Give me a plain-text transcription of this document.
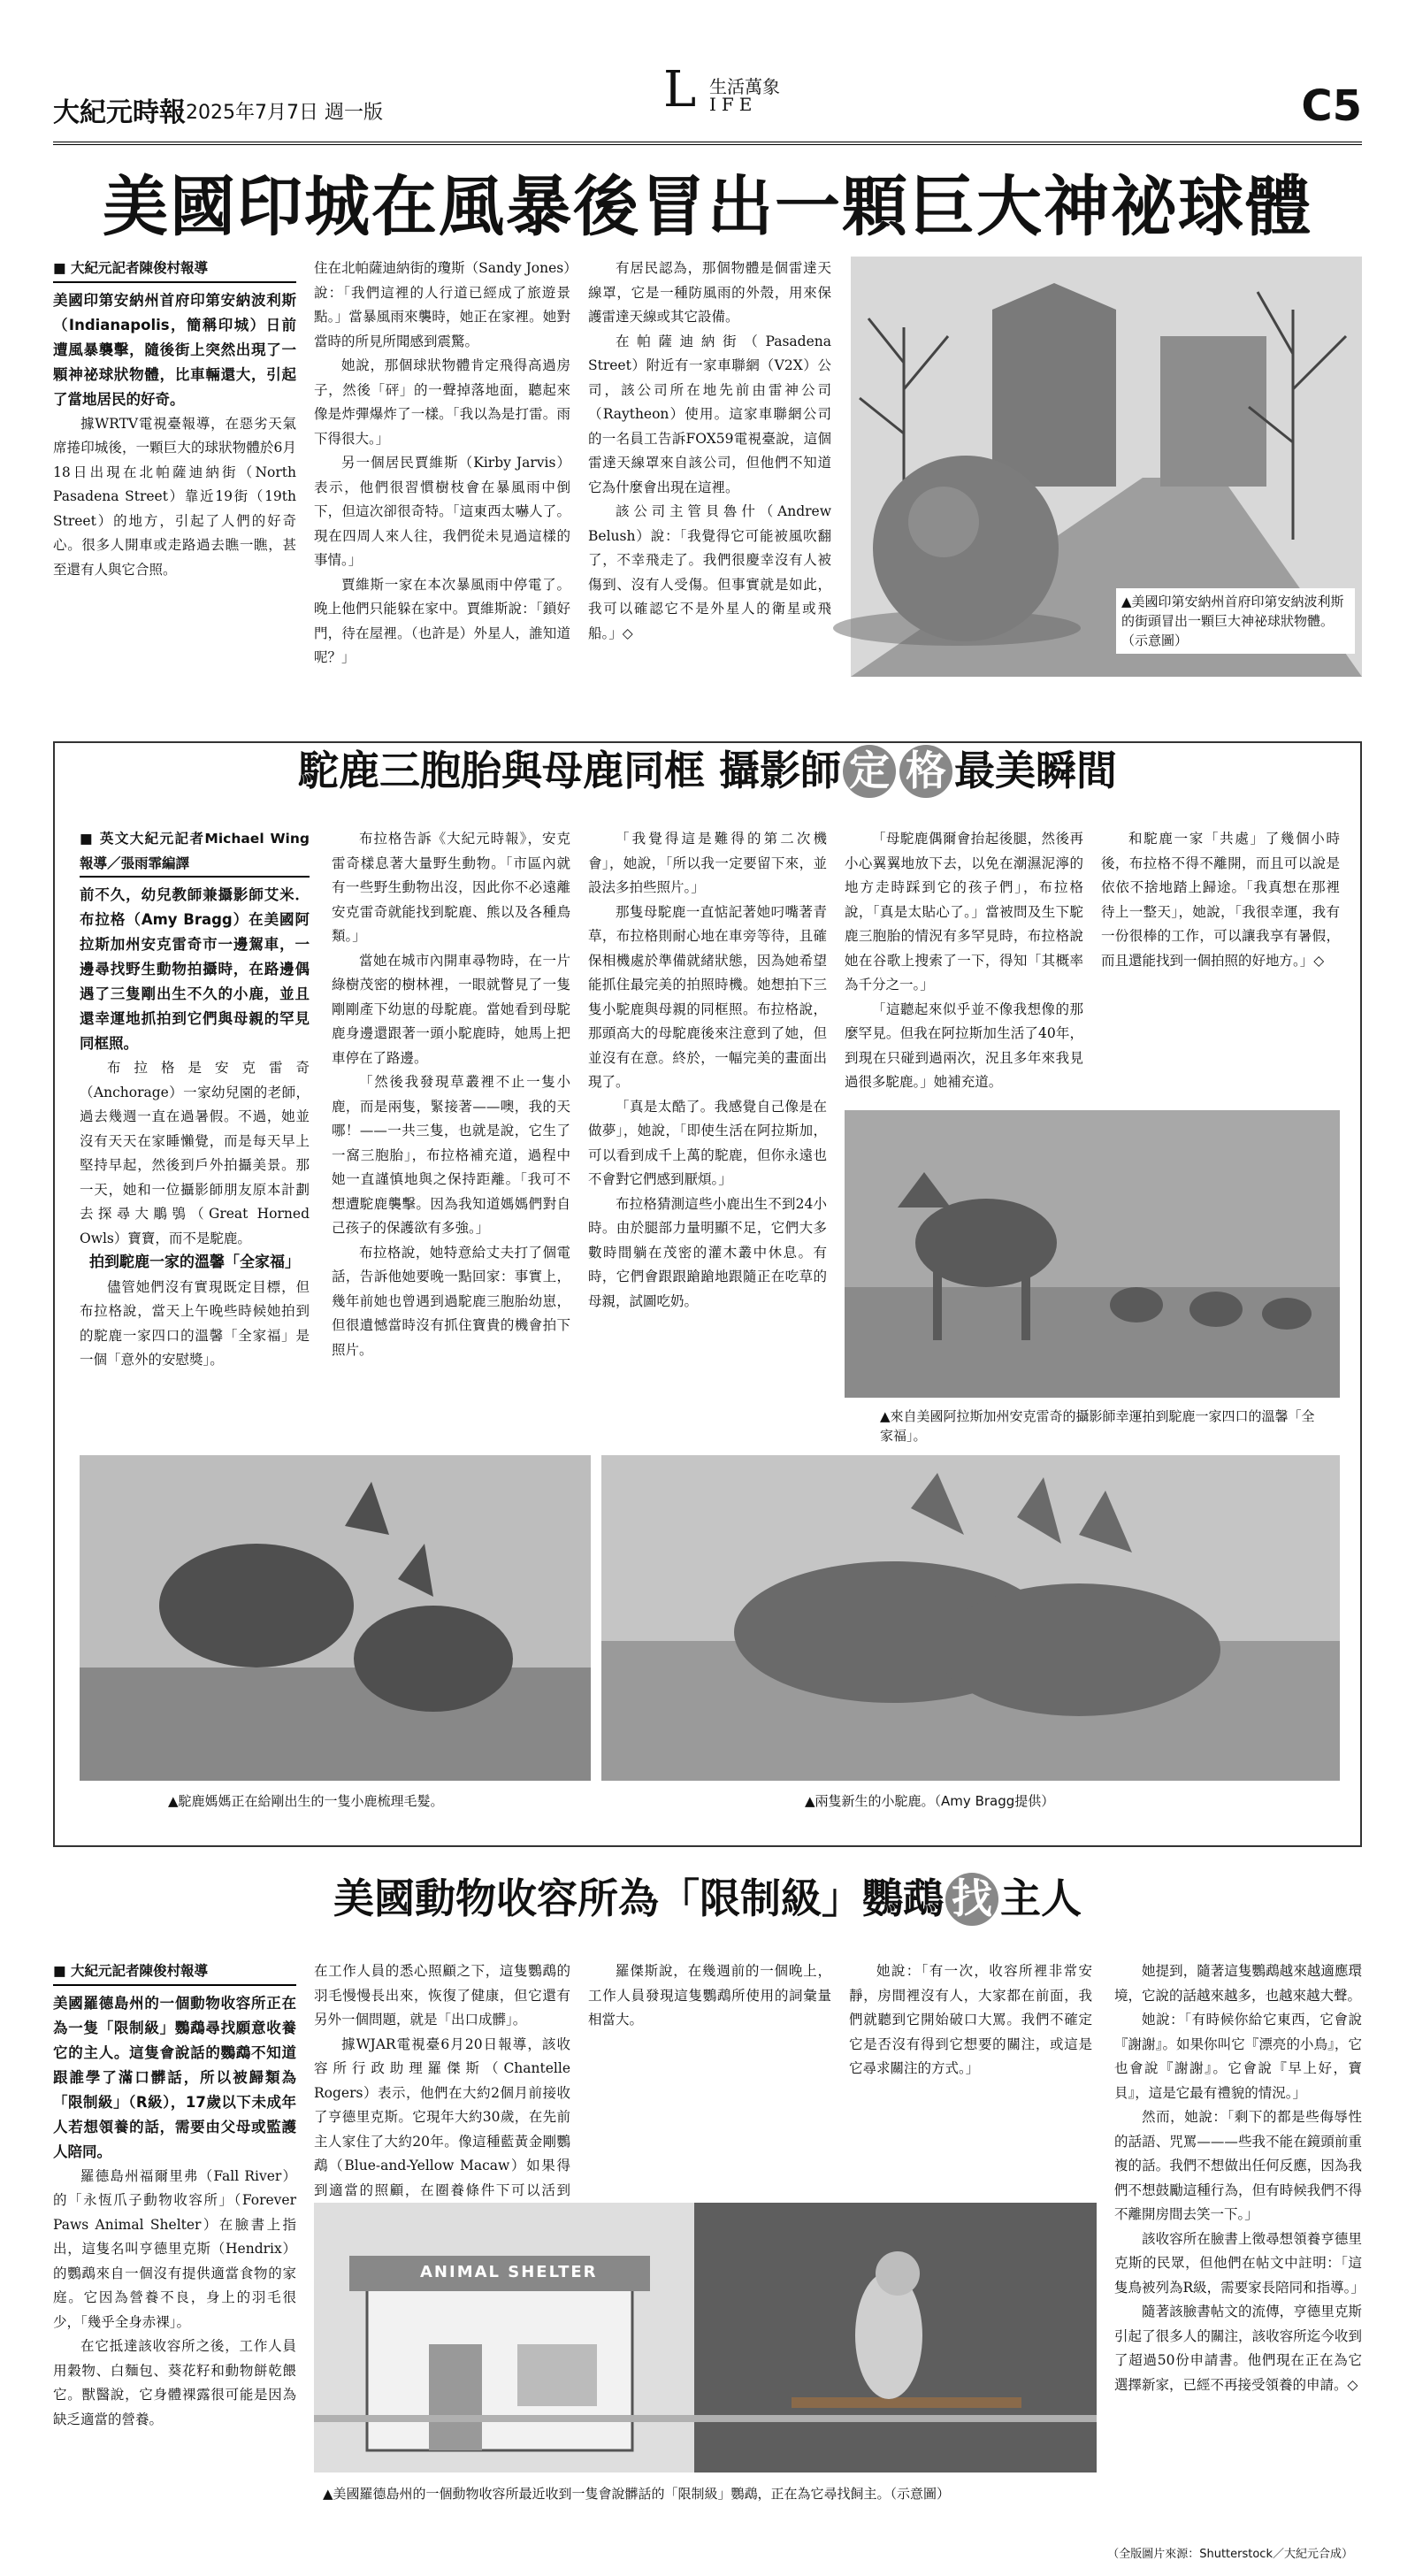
大紀元時報 2025年7月7日 週一版	L 生活萬象
IFE	C5
美國印城在風暴後冒出一顆巨大神祕球體
■ 大紀元記者陳俊村報導

美國印第安納州首府印第安納波利斯（Indianapolis，簡稱印城）日前遭風暴襲擊，隨後街上突然出現了一顆神祕球狀物體，比車輛還大，引起了當地居民的好奇。

據WRTV電視臺報導，在惡劣天氣席捲印城後，一顆巨大的球狀物體於6月18日出現在北帕薩迪納街（North Pasadena Street）靠近19街（19th Street）的地方，引起了人們的好奇心。很多人開車或走路過去瞧一瞧，甚至還有人與它合照。

住在北帕薩迪納街的瓊斯（Sandy Jones）說：「我們這裡的人行道已經成了旅遊景點。」當暴風雨來襲時，她正在家裡。她對當時的所見所聞感到震驚。

她說，那個球狀物體肯定飛得高過房子，然後「砰」的一聲掉落地面，聽起來像是炸彈爆炸了一樣。「我以為是打雷。雨下得很大。」

另一個居民賈維斯（Kirby Jarvis）表示，他們很習慣樹枝會在暴風雨中倒下，但這次卻很奇特。「這東西太嚇人了。現在四周人來人往，我們從未見過這樣的事情。」

賈維斯一家在本次暴風雨中停電了。晚上他們只能躲在家中。賈維斯說：「鎖好門，待在屋裡。（也許是）外星人，誰知道呢？」

有居民認為，那個物體是個雷達天線罩，它是一種防風雨的外殼，用來保護雷達天線或其它設備。

在帕薩迪納街（Pasadena Street）附近有一家車聯網（V2X）公司，該公司所在地先前由雷神公司（Raytheon）使用。這家車聯網公司的一名員工告訴FOX59電視臺說，這個雷達天線罩來自該公司，但他們不知道它為什麼會出現在這裡。

該公司主管貝魯什（Andrew Belush）說：「我覺得它可能被風吹翻了，不幸飛走了。我們很慶幸沒有人被傷到、沒有人受傷。但事實就是如此，我可以確認它不是外星人的衛星或飛船。」◇

▲ 美國印第安納州首府印第安納波利斯的街頭冒出一顆巨大神祕球狀物體。（示意圖）
駝鹿三胞胎與母鹿同框 攝影師 定 格 最美瞬間
■ 英文大紀元記者Michael Wing報導／張雨霏編譯

前不久，幼兒教師兼攝影師艾米．布拉格（Amy Bragg）在美國阿拉斯加州安克雷奇市一邊駕車，一邊尋找野生動物拍攝時，在路邊偶遇了三隻剛出生不久的小鹿，並且還幸運地抓拍到它們與母親的罕見同框照。

布拉格是安克雷奇（Anchorage）一家幼兒園的老師，過去幾週一直在過暑假。不過，她並沒有天天在家睡懶覺，而是每天早上堅持早起，然後到戶外拍攝美景。那一天，她和一位攝影師朋友原本計劃去探尋大鵰鴞（Great Horned Owls）寶寶，而不是駝鹿。

拍到駝鹿一家的溫馨「全家福」

儘管她們沒有實現既定目標，但布拉格說，當天上午晚些時候她拍到的駝鹿一家四口的溫馨「全家福」是一個「意外的安慰獎」。

布拉格告訴《大紀元時報》，安克雷奇樣息著大量野生動物。「市區內就有一些野生動物出沒，因此你不必遠離安克雷奇就能找到駝鹿、熊以及各種鳥類。」

當她在城市內開車尋物時，在一片綠樹茂密的樹林裡，一眼就瞥見了一隻剛剛產下幼崽的母駝鹿。當她看到母駝鹿身邊還跟著一頭小駝鹿時，她馬上把車停在了路邊。

「然後我發現草叢裡不止一隻小鹿，而是兩隻，緊接著——噢，我的天哪！——一共三隻，也就是說，它生了一窩三胞胎」，布拉格補充道，過程中她一直謹慎地與之保持距離。「我可不想遭駝鹿襲擊。因為我知道媽媽們對自己孩子的保護欲有多強。」

布拉格說，她特意給丈夫打了個電話，告訴他她要晚一點回家：事實上，幾年前她也曾遇到過駝鹿三胞胎幼崽，但很遺憾當時沒有抓住寶貴的機會拍下照片。

「我覺得這是難得的第二次機會」，她說，「所以我一定要留下來，並設法多拍些照片。」

那隻母駝鹿一直惦記著她叼嘴著青草，布拉格則耐心地在車旁等待，且確保相機處於準備就緒狀態，因為她希望能抓住最完美的拍照時機。她想拍下三隻小駝鹿與母親的同框照。布拉格說，那頭高大的母駝鹿後來注意到了她，但並沒有在意。終於，一幅完美的畫面出現了。

「真是太酷了。我感覺自己像是在做夢」，她說，「即使生活在阿拉斯加，可以看到成千上萬的駝鹿，但你永遠也不會對它們感到厭煩。」

布拉格猜測這些小鹿出生不到24小時。由於腿部力量明顯不足，它們大多數時間躺在茂密的灌木叢中休息。有時，它們會跟跟蹌蹌地跟隨正在吃草的母親，試圖吃奶。

「母駝鹿偶爾會抬起後腿，然後再小心翼翼地放下去，以免在潮濕泥濘的地方走時踩到它的孩子們」，布拉格說，「真是太貼心了。」當被問及生下駝鹿三胞胎的情況有多罕見時，布拉格說她在谷歌上搜索了一下，得知「其概率為千分之一。」

「這聽起來似乎並不像我想像的那麼罕見。但我在阿拉斯加生活了40年，到現在只碰到過兩次，況且多年來我見過很多駝鹿。」她補充道。

和駝鹿一家「共處」了幾個小時後，布拉格不得不離開，而且可以說是依依不捨地踏上歸途。「我真想在那裡待上一整天」，她說，「我很幸運，我有一份很棒的工作，可以讓我享有暑假，而且還能找到一個拍照的好地方。」◇

▲ 來自美國阿拉斯加州安克雷奇的攝影師幸運拍到駝鹿一家四口的溫馨「全家福」。
▲ 駝鹿媽媽正在給剛出生的一隻小鹿梳理毛髮。
▲	兩隻新生的小駝鹿。（Amy Bragg提供）
美國動物收容所為「限制級」鸚鵡 找 主人
■ 大紀元記者陳俊村報導

美國羅德島州的一個動物收容所正在為一隻「限制級」鸚鵡尋找願意收養它的主人。這隻會說話的鸚鵡不知道跟誰學了滿口髒話，所以被歸類為「限制級」（R級），17歲以下未成年人若想領養的話，需要由父母或監護人陪同。

羅德島州福爾里弗（Fall River）的「永恆爪子動物收容所」（Forever Paws Animal Shelter）在臉書上指出，這隻名叫亨德里克斯（Hendrix）的鸚鵡來自一個沒有提供適當食物的家庭。它因為營養不良，身上的羽毛很少，「幾乎全身赤裸」。

在它抵達該收容所之後，工作人員用穀物、白麵包、葵花籽和動物餅乾餵它。獸醫說，它身體裸露很可能是因為缺乏適當的營養。

在工作人員的悉心照顧之下，這隻鸚鵡的羽毛慢慢長出來，恢復了健康，但它還有另外一個問題，就是「出口成髒」。

據WJAR電視臺6月20日報導，該收容所行政助理羅傑斯（Chantelle Rogers）表示，他們在大約2個月前接收了亨德里克斯。它現年大約30歲，在先前主人家住了大約20年。像這種藍黃金剛鸚鵡（Blue-and-Yellow Macaw）如果得到適當的照顧，在圈養條件下可以活到

羅傑斯說，在幾週前的一個晚上，工作人員發現這隻鸚鵡所使用的詞彙量相當大。

她說：「有一次，收容所裡非常安靜，房間裡沒有人，大家都在前面，我們就聽到它開始破口大罵。我們不確定它是否沒有得到它想要的關注，或這是它尋求關注的方式。」

她提到，隨著這隻鸚鵡越來越適應環境，它說的話越來越多，也越來越大聲。

她說：「有時候你給它東西，它會說『謝謝』。如果你叫它『漂亮的小鳥』，它也會說『謝謝』。它會說『早上好，寶貝』，這是它最有禮貌的情況。」

然而，她說：「剩下的都是些侮辱性的話語、咒罵———些我不能在鏡頭前重複的話。我們不想做出任何反應，因為我們不想鼓勵這種行為，但有時候我們不得不離開房間去笑一下。」

該收容所在臉書上徵尋想領養亨德里克斯的民眾，但他們在帖文中註明：「這隻鳥被列為R級，需要家長陪同和指導。」

隨著該臉書帖文的流傳，亨德里克斯引起了很多人的關注，該收容所迄今收到了超過50份申請書。他們現在正在為它選擇新家，已經不再接受領養的申請。◇

ANIMAL SHELTER
▲ 美國羅德島州的一個動物收容所最近收到一隻會說髒話的「限制級」鸚鵡，正在為它尋找飼主。（示意圖）
（全版圖片來源：Shutterstock／大紀元合成）
